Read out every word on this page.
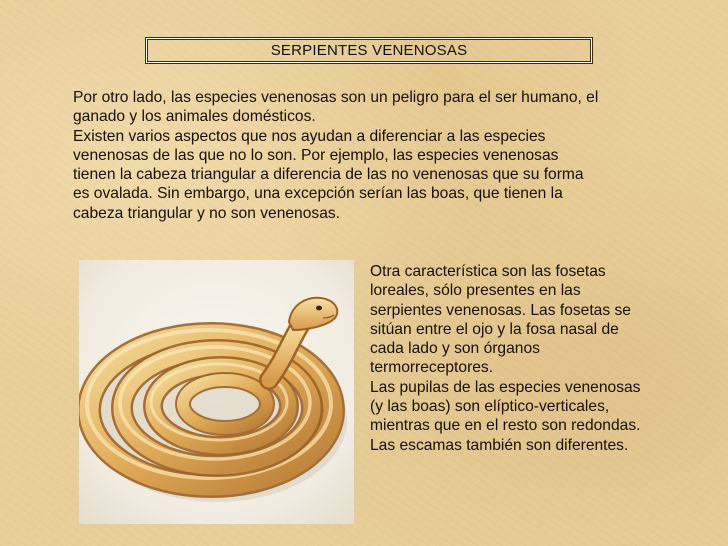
SERPIENTES VENENOSAS

Por otro lado, las especies venenosas son un peligro para el ser humano, el
ganado y los animales domésticos.
Existen varios aspectos que nos ayudan a diferenciar a las especies
venenosas de las que no lo son. Por ejemplo, las especies venenosas
tienen la cabeza triangular a diferencia de las no venenosas que su forma
es ovalada. Sin embargo, una excepción serían las boas, que tienen la
cabeza triangular y no son venenosas.

Otra característica son las fosetas
loreales, sólo presentes en las
serpientes venenosas. Las fosetas se
sitúan entre el ojo y la fosa nasal de
cada lado y son órganos
termorreceptores.
Las pupilas de las especies venenosas
(y las boas) son elíptico-verticales,
mientras que en el resto son redondas.
Las escamas también son diferentes.
